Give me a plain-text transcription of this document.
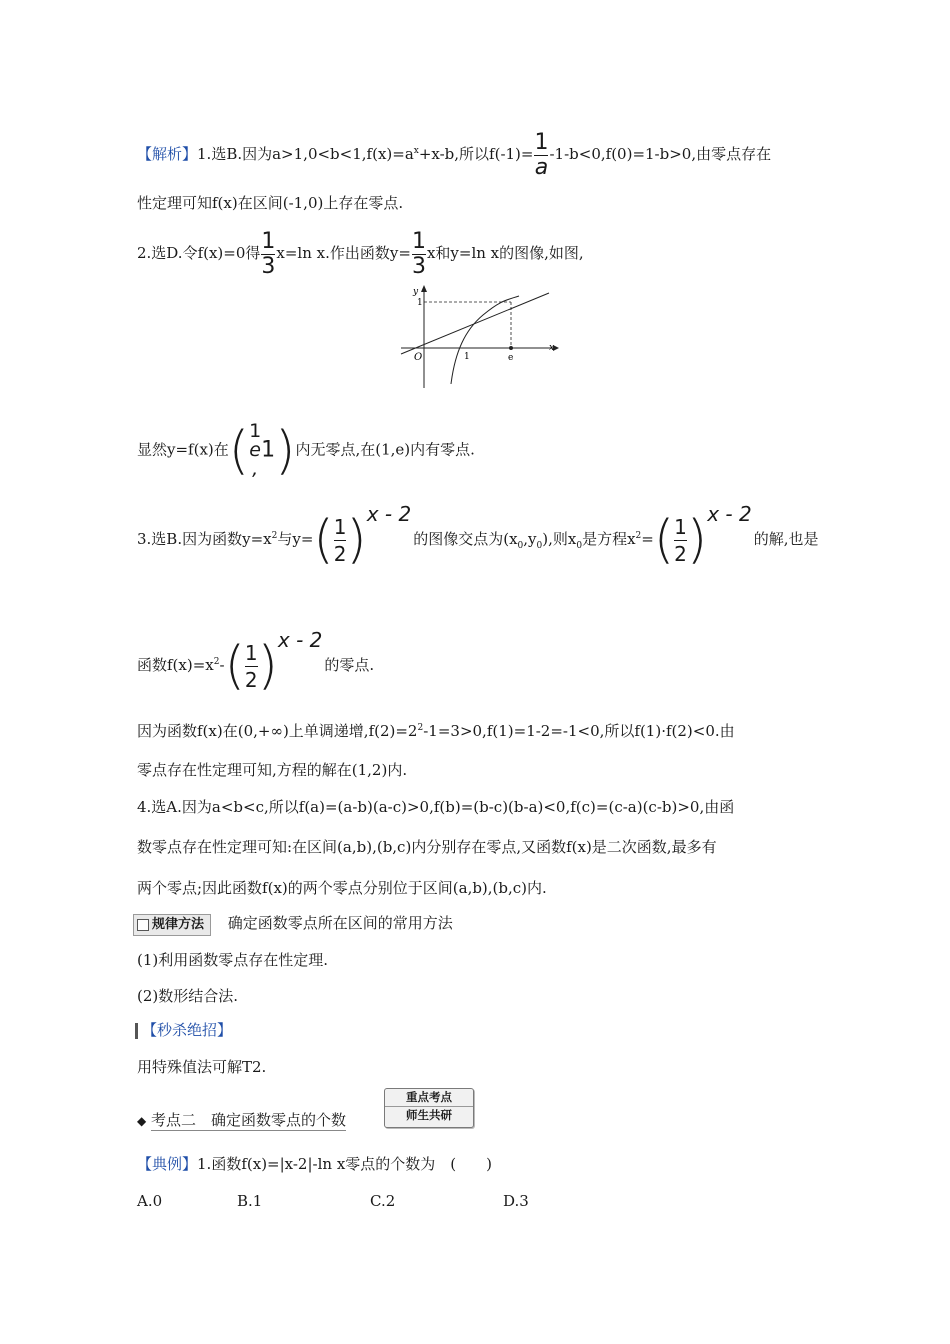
【解析】1.选B.因为$a>1,0<b<1,f(x)=a^x+x-b$,所以$f(-1)= \frac{1}{a} -1-b<0,f(0)=1-b>0$,由零点存在
性定理可知f(x)在区间(-1,0)上存在零点.
2.选D.令f(x)=0得 $\frac{1}{3} x=\ln$ x.作出函数$y= \frac{1}{3}$ x和y=ln x的图像,如图,
y
x
O	1	e
1
显然y=f(x)在( 1
e
,
1)内无零点,在(1,e)内有零点.
3.选B.因为函数$y=x^2$与$y=( \frac{1}{2} )x - 2$的图像交点为$(x_0,y_0)$,则$x_0$是方程$x^2=( \frac{1}{2} )x - 2$的解,也是
函数$f(x)=x^2-( \frac{1}{2} )x - 2$的零点.
因为函数f(x)在(0,+∞)上单调递增$,f(2)=2^2-1=3>0,f(1)=1-2=-1<0$,所以f(1)·f(2)<0.由
零点存在性定理可知,方程的解在(1,2)内.
4.选A.因为a<b<c,所以f(a)=(a-b)(a-c)>0,f(b)=(b-c)(b-a)<0,f(c)=(c-a)(c-b)>0,由函
数零点存在性定理可知:在区间(a,b),(b,c)内分别存在零点,又函数f(x)是二次函数,最多有
两个零点;因此函数f(x)的两个零点分别位于区间(a,b),(b,c)内.
规律方法 确定函数零点所在区间的常用方法
(1)利用函数零点存在性定理.
(2)数形结合法.
【秒杀绝招】
用特殊值法可解T2.
◆ 考点二　确定函数零点的个数
重点考点
师生共研
【典例】1.函数f(x)=|x-2|-ln x零点的个数为　(　　)
A.0	B.1	C.2	D.3
